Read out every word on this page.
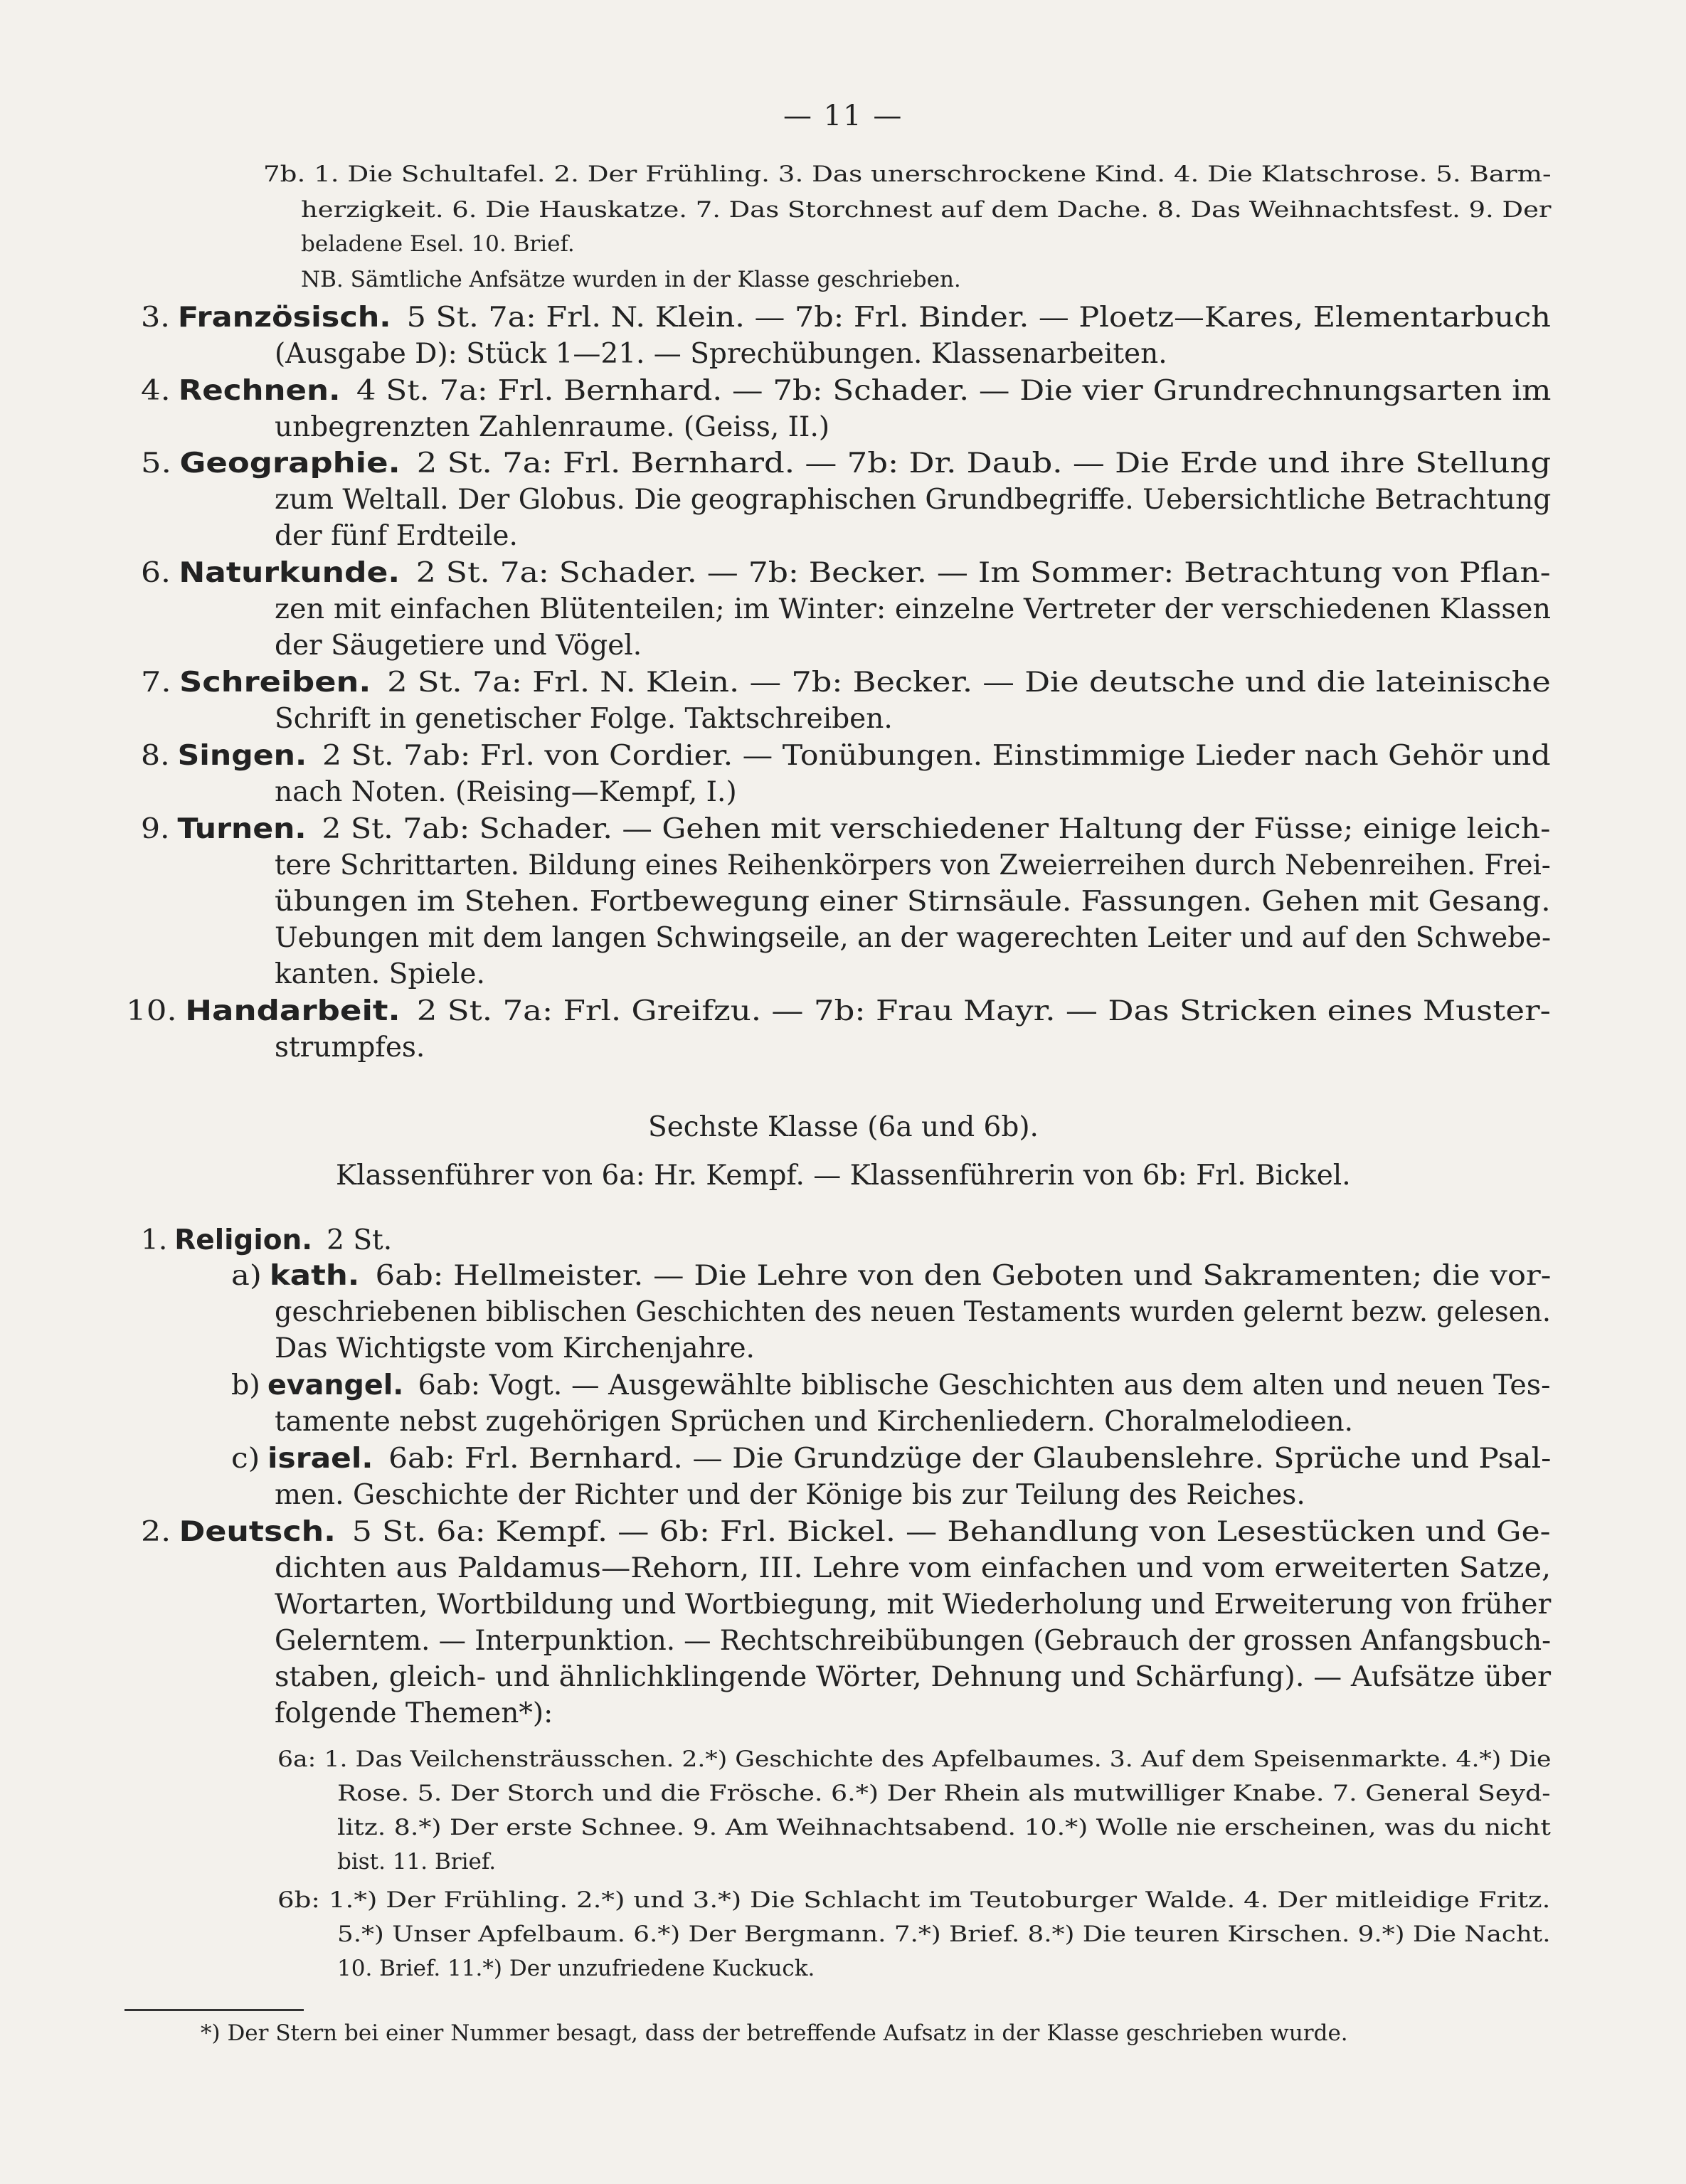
— 11 —
7b. 1. Die Schultafel. 2. Der Frühling. 3. Das unerschrockene Kind. 4. Die Klatschrose. 5. Barm-
herzigkeit. 6. Die Hauskatze. 7. Das Storchnest auf dem Dache. 8. Das Weihnachtsfest. 9. Der
beladene Esel. 10. Brief.
NB. Sämtliche Anfsätze wurden in der Klasse geschrieben.
3. Französisch. 5 St. 7a: Frl. N. Klein. — 7b: Frl. Binder. — Ploetz—Kares, Elementarbuch
(Ausgabe D): Stück 1—21. — Sprechübungen. Klassenarbeiten.
4. Rechnen. 4 St. 7a: Frl. Bernhard. — 7b: Schader. — Die vier Grundrechnungsarten im
unbegrenzten Zahlenraume. (Geiss, II.)
5. Geographie. 2 St. 7a: Frl. Bernhard. — 7b: Dr. Daub. — Die Erde und ihre Stellung
zum Weltall. Der Globus. Die geographischen Grundbegriffe. Uebersichtliche Betrachtung
der fünf Erdteile.
6. Naturkunde. 2 St. 7a: Schader. — 7b: Becker. — Im Sommer: Betrachtung von Pflan-
zen mit einfachen Blütenteilen; im Winter: einzelne Vertreter der verschiedenen Klassen
der Säugetiere und Vögel.
7. Schreiben. 2 St. 7a: Frl. N. Klein. — 7b: Becker. — Die deutsche und die lateinische
Schrift in genetischer Folge. Taktschreiben.
8. Singen. 2 St. 7ab: Frl. von Cordier. — Tonübungen. Einstimmige Lieder nach Gehör und
nach Noten. (Reising—Kempf, I.)
9. Turnen. 2 St. 7ab: Schader. — Gehen mit verschiedener Haltung der Füsse; einige leich-
tere Schrittarten. Bildung eines Reihenkörpers von Zweierreihen durch Nebenreihen. Frei-
übungen im Stehen. Fortbewegung einer Stirnsäule. Fassungen. Gehen mit Gesang.
Uebungen mit dem langen Schwingseile, an der wagerechten Leiter und auf den Schwebe-
kanten. Spiele.
10. Handarbeit. 2 St. 7a: Frl. Greifzu. — 7b: Frau Mayr. — Das Stricken eines Muster-
strumpfes.
Sechste Klasse (6a und 6b).
Klassenführer von 6a: Hr. Kempf. — Klassenführerin von 6b: Frl. Bickel.
1. Religion. 2 St.
a) kath. 6ab: Hellmeister. — Die Lehre von den Geboten und Sakramenten; die vor-
geschriebenen biblischen Geschichten des neuen Testaments wurden gelernt bezw. gelesen.
Das Wichtigste vom Kirchenjahre.
b) evangel. 6ab: Vogt. — Ausgewählte biblische Geschichten aus dem alten und neuen Tes-
tamente nebst zugehörigen Sprüchen und Kirchenliedern. Choralmelodieen.
c) israel. 6ab: Frl. Bernhard. — Die Grundzüge der Glaubenslehre. Sprüche und Psal-
men. Geschichte der Richter und der Könige bis zur Teilung des Reiches.
2. Deutsch. 5 St. 6a: Kempf. — 6b: Frl. Bickel. — Behandlung von Lesestücken und Ge-
dichten aus Paldamus—Rehorn, III. Lehre vom einfachen und vom erweiterten Satze,
Wortarten, Wortbildung und Wortbiegung, mit Wiederholung und Erweiterung von früher
Gelerntem. — Interpunktion. — Rechtschreibübungen (Gebrauch der grossen Anfangsbuch-
staben, gleich- und ähnlichklingende Wörter, Dehnung und Schärfung). — Aufsätze über
folgende Themen*):
6a: 1. Das Veilchensträusschen. 2.*) Geschichte des Apfelbaumes. 3. Auf dem Speisenmarkte. 4.*) Die
Rose. 5. Der Storch und die Frösche. 6.*) Der Rhein als mutwilliger Knabe. 7. General Seyd-
litz. 8.*) Der erste Schnee. 9. Am Weihnachtsabend. 10.*) Wolle nie erscheinen, was du nicht
bist. 11. Brief.
6b: 1.*) Der Frühling. 2.*) und 3.*) Die Schlacht im Teutoburger Walde. 4. Der mitleidige Fritz.
5.*) Unser Apfelbaum. 6.*) Der Bergmann. 7.*) Brief. 8.*) Die teuren Kirschen. 9.*) Die Nacht.
10. Brief. 11.*) Der unzufriedene Kuckuck.
*) Der Stern bei einer Nummer besagt, dass der betreffende Aufsatz in der Klasse geschrieben wurde.
